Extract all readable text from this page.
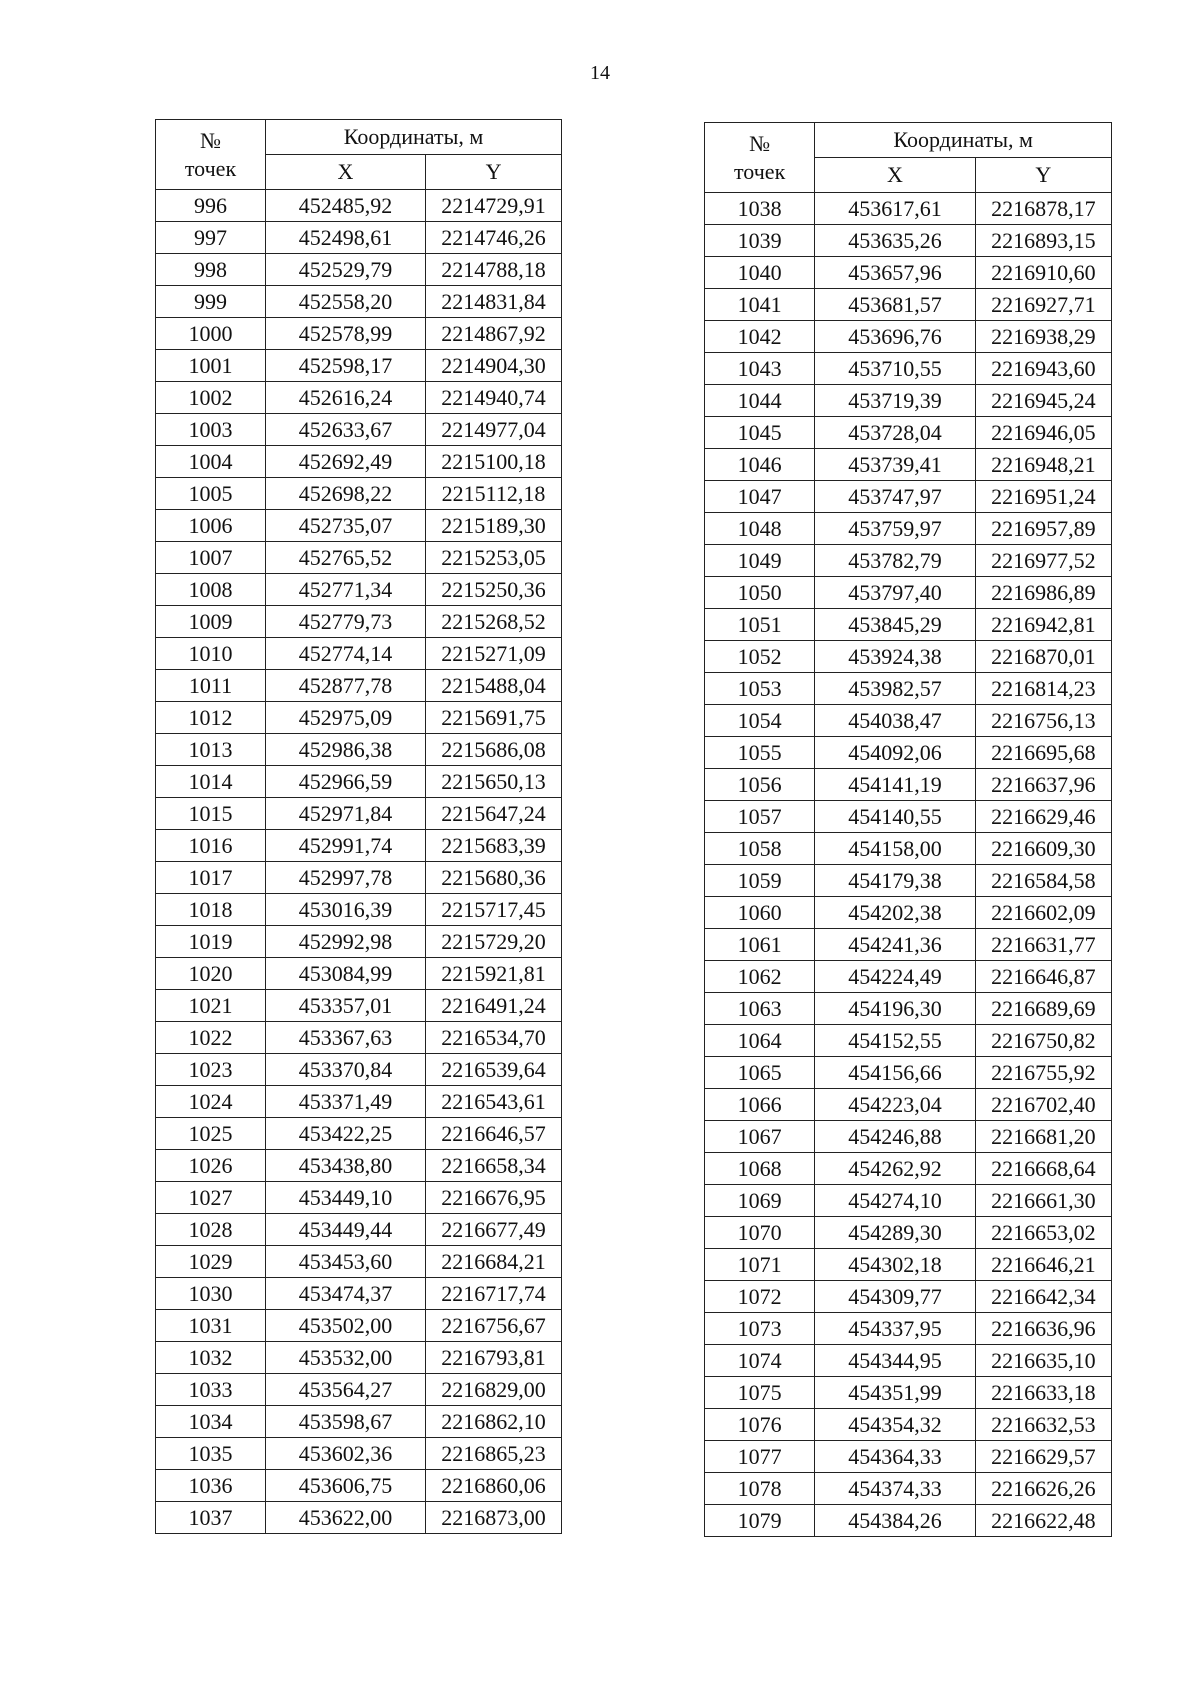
14
№
точек	Координаты, м	
	X	Y
996	452485,92	2214729,91
997	452498,61	2214746,26
998	452529,79	2214788,18
999	452558,20	2214831,84
1000	452578,99	2214867,92
1001	452598,17	2214904,30
1002	452616,24	2214940,74
1003	452633,67	2214977,04
1004	452692,49	2215100,18
1005	452698,22	2215112,18
1006	452735,07	2215189,30
1007	452765,52	2215253,05
1008	452771,34	2215250,36
1009	452779,73	2215268,52
1010	452774,14	2215271,09
1011	452877,78	2215488,04
1012	452975,09	2215691,75
1013	452986,38	2215686,08
1014	452966,59	2215650,13
1015	452971,84	2215647,24
1016	452991,74	2215683,39
1017	452997,78	2215680,36
1018	453016,39	2215717,45
1019	452992,98	2215729,20
1020	453084,99	2215921,81
1021	453357,01	2216491,24
1022	453367,63	2216534,70
1023	453370,84	2216539,64
1024	453371,49	2216543,61
1025	453422,25	2216646,57
1026	453438,80	2216658,34
1027	453449,10	2216676,95
1028	453449,44	2216677,49
1029	453453,60	2216684,21
1030	453474,37	2216717,74
1031	453502,00	2216756,67
1032	453532,00	2216793,81
1033	453564,27	2216829,00
1034	453598,67	2216862,10
1035	453602,36	2216865,23
1036	453606,75	2216860,06
1037	453622,00	2216873,00
№
точек	Координаты, м	
	X	Y
1038	453617,61	2216878,17
1039	453635,26	2216893,15
1040	453657,96	2216910,60
1041	453681,57	2216927,71
1042	453696,76	2216938,29
1043	453710,55	2216943,60
1044	453719,39	2216945,24
1045	453728,04	2216946,05
1046	453739,41	2216948,21
1047	453747,97	2216951,24
1048	453759,97	2216957,89
1049	453782,79	2216977,52
1050	453797,40	2216986,89
1051	453845,29	2216942,81
1052	453924,38	2216870,01
1053	453982,57	2216814,23
1054	454038,47	2216756,13
1055	454092,06	2216695,68
1056	454141,19	2216637,96
1057	454140,55	2216629,46
1058	454158,00	2216609,30
1059	454179,38	2216584,58
1060	454202,38	2216602,09
1061	454241,36	2216631,77
1062	454224,49	2216646,87
1063	454196,30	2216689,69
1064	454152,55	2216750,82
1065	454156,66	2216755,92
1066	454223,04	2216702,40
1067	454246,88	2216681,20
1068	454262,92	2216668,64
1069	454274,10	2216661,30
1070	454289,30	2216653,02
1071	454302,18	2216646,21
1072	454309,77	2216642,34
1073	454337,95	2216636,96
1074	454344,95	2216635,10
1075	454351,99	2216633,18
1076	454354,32	2216632,53
1077	454364,33	2216629,57
1078	454374,33	2216626,26
1079	454384,26	2216622,48
